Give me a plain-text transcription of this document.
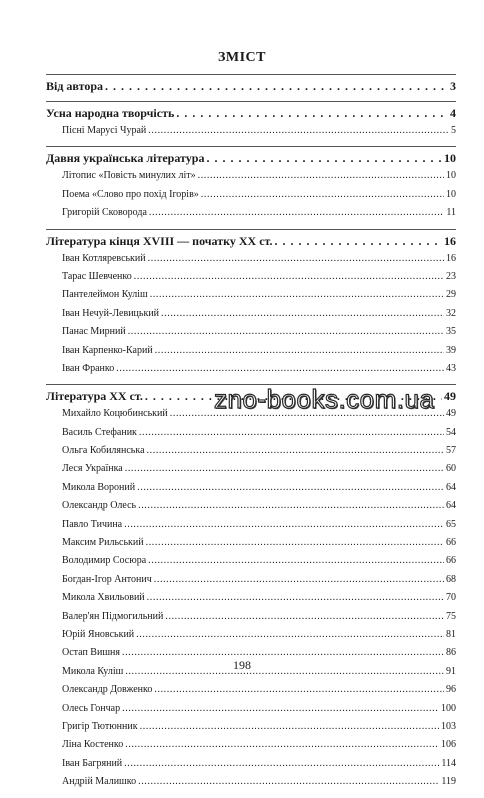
ЗМІСТ
Від автора . . .	3
Усна народна творчість . . .	4
Пісні Марусі Чурай .....	5
Давня українська література . . .	10
Літопис «Повість минулих літ» .....	10
Поема «Слово про похід Ігорів» .....	10
Григорій Сковорода .....	11
Література кінця XVIII — початку XX ст. . . .	16
Іван Котляревський .....	16
Тарас Шевченко .....	23
Пантелеймон Куліш .....	29
Іван Нечуй-Левицький .....	32
Панас Мирний .....	35
Іван Карпенко-Карий .....	39
Іван Франко .....	43
Література XX ст. . . .	49
Михайло Коцюбинський .....	49
Василь Стефаник .....	54
Ольга Кобилянська .....	57
Леся Українка .....	60
Микола Вороний .....	64
Олександр Олесь .....	64
Павло Тичина .....	65
Максим Рильський .....	66
Володимир Сосюра .....	66
Богдан-Ігор Антонич .....	68
Микола Хвильовий .....	70
Валер'ян Підмогильний .....	75
Юрій Яновський .....	81
Остап Вишня .....	86
Микола Куліш .....	91
Олександр Довженко .....	96
Олесь Гончар .....	100
Григір Тютюнник .....	103
Ліна Костенко .....	106
Іван Багряний .....	114
Андрій Малишко .....	119
198
zno-books.com.ua
